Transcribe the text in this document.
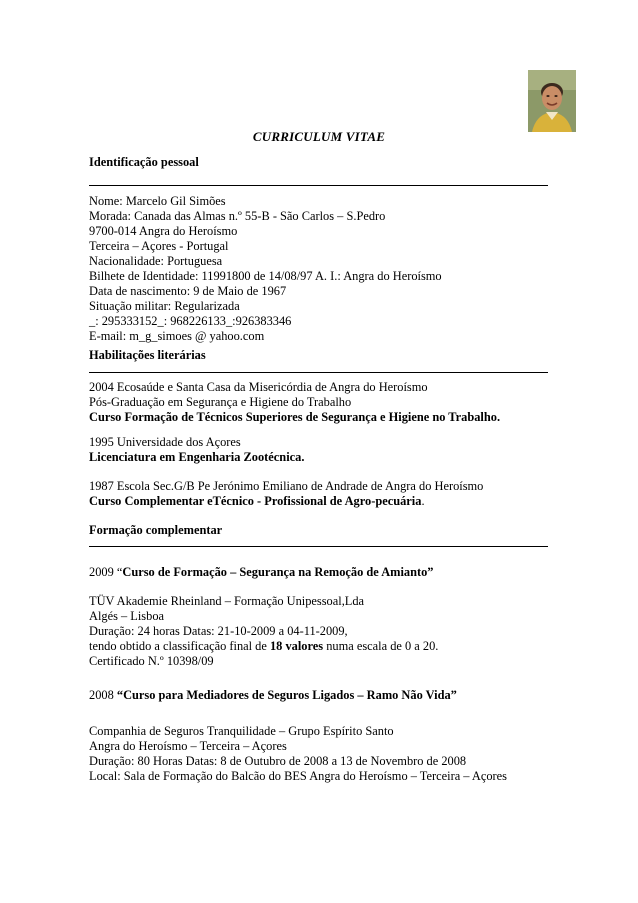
CURRICULUM VITAE
Identificação pessoal
Nome: Marcelo Gil Simões
Morada: Canada das Almas n.º 55-B - São Carlos – S.Pedro
9700-014 Angra do Heroísmo
Terceira – Açores - Portugal
Nacionalidade: Portuguesa
Bilhete de Identidade: 11991800 de 14/08/97 A. I.: Angra do Heroísmo
Data de nascimento: 9 de Maio de 1967
Situação militar: Regularizada
_: 295333152_: 968226133_:926383346
E-mail: m_g_simoes @ yahoo.com
Habilitações literárias
2004 Ecosaúde e Santa Casa da Misericórdia de Angra do Heroísmo
Pós-Graduação em Segurança e Higiene do Trabalho
Curso Formação de Técnicos Superiores de Segurança e Higiene no Trabalho.
1995 Universidade dos Açores
Licenciatura em Engenharia Zootécnica.
1987 Escola Sec.G/B Pe Jerónimo Emiliano de Andrade de Angra do Heroísmo
Curso Complementar eTécnico - Profissional de Agro-pecuária.
Formação complementar
2009 “Curso de Formação – Segurança na Remoção de Amianto”
TÜV Akademie Rheinland – Formação Unipessoal,Lda
Algés – Lisboa
Duração: 24 horas Datas: 21-10-2009 a 04-11-2009,
tendo obtido a classificação final de 18 valores numa escala de 0 a 20.
Certificado N.º 10398/09
2008 “Curso para Mediadores de Seguros Ligados – Ramo Não Vida”
Companhia de Seguros Tranquilidade – Grupo Espírito Santo
Angra do Heroísmo – Terceira – Açores
Duração: 80 Horas Datas: 8 de Outubro de 2008 a 13 de Novembro de 2008
Local: Sala de Formação do Balcão do BES Angra do Heroísmo – Terceira – Açores
